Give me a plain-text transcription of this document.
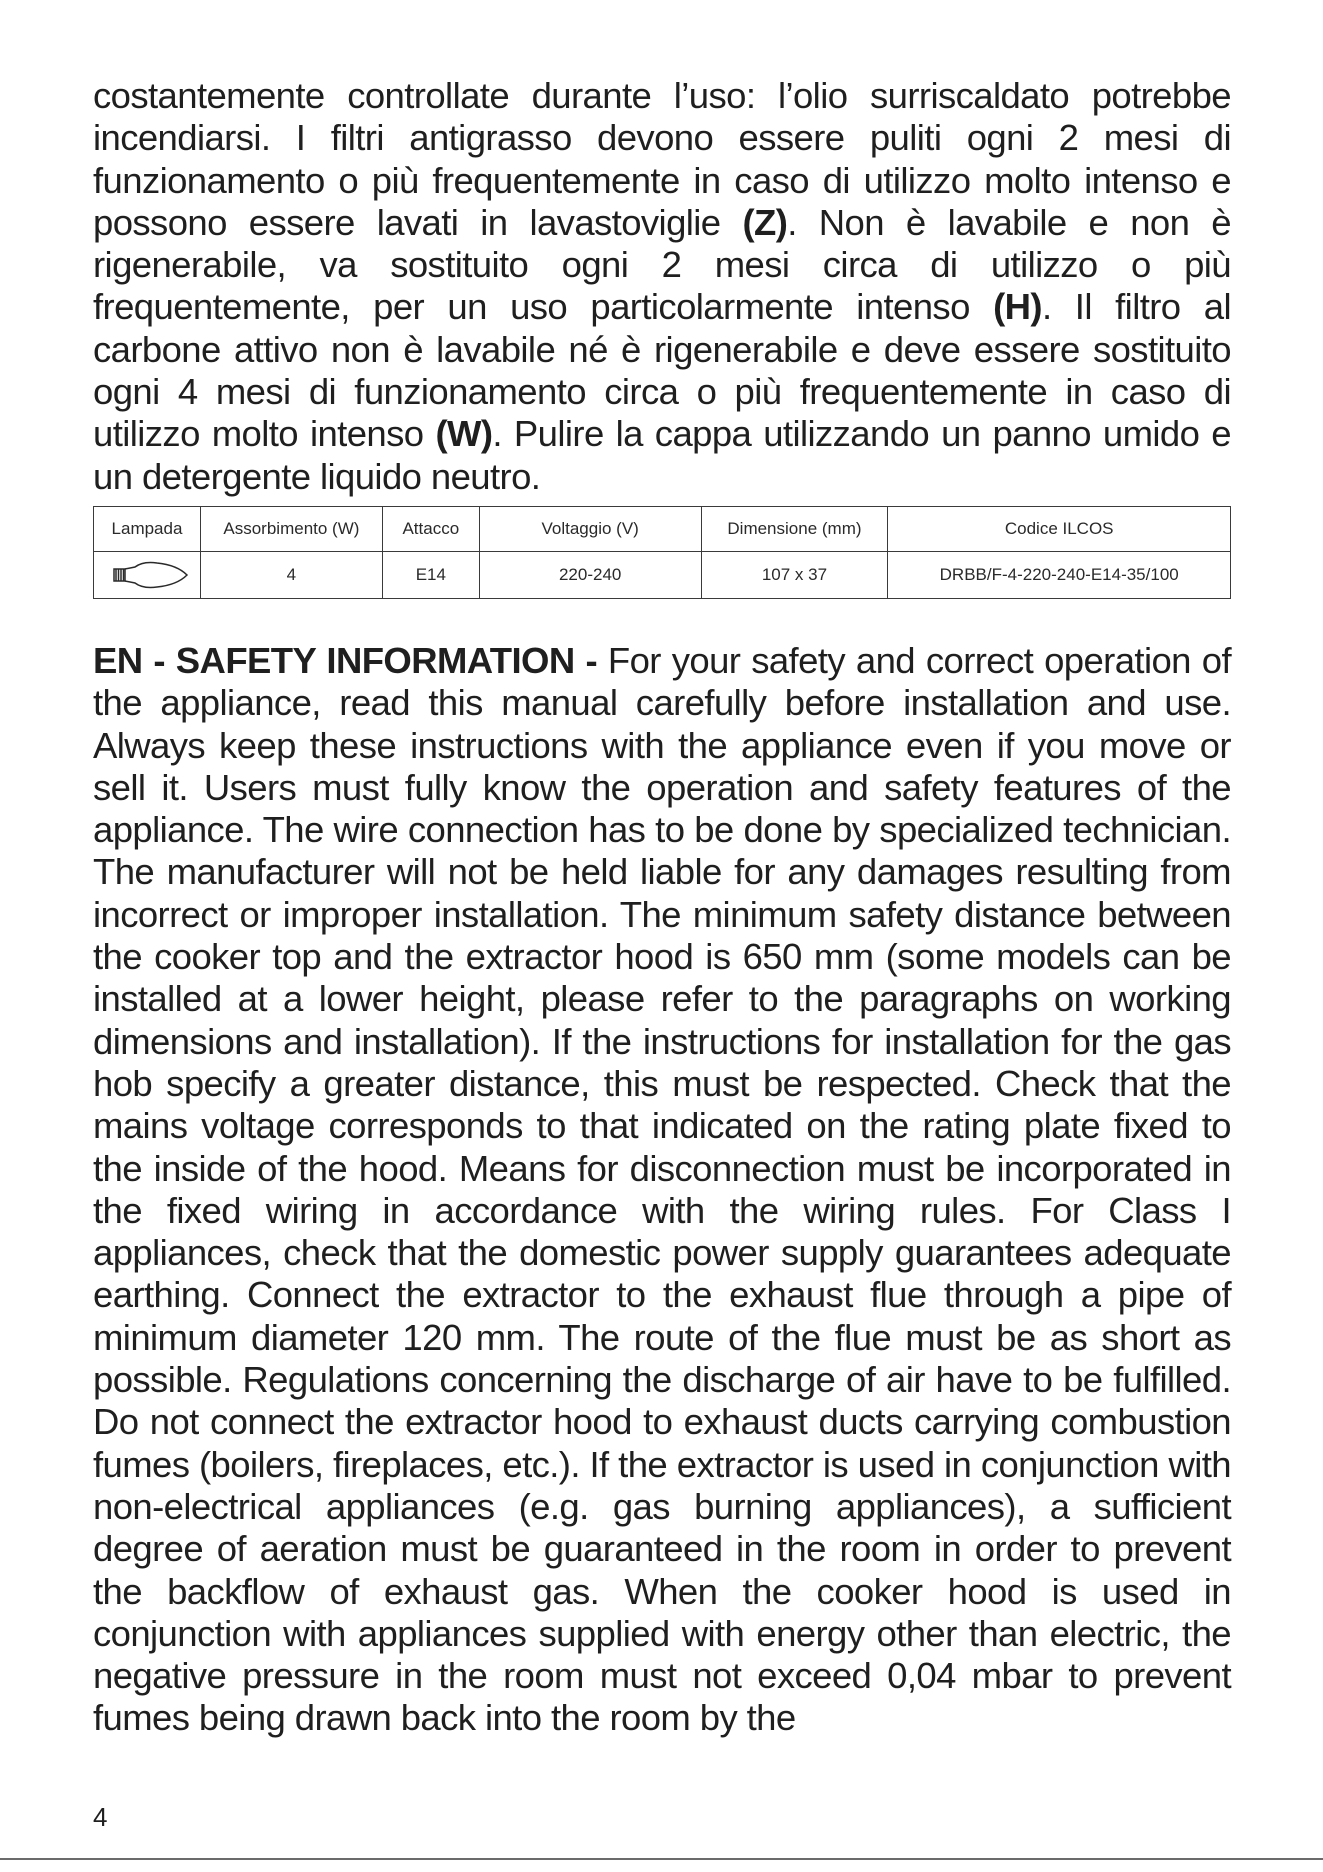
costantemente controllate durante l’uso: l’olio surriscaldato potrebbe incendiarsi. I filtri antigrasso devono essere puliti ogni 2 mesi di funzionamento o più frequentemente in caso di utilizzo molto intenso e possono essere lavati in lavastoviglie (Z). Non è lavabile e non è rigenerabile, va sostituito ogni 2 mesi circa di utilizzo o più frequentemente, per un uso particolarmente intenso (H). Il filtro al carbone attivo non è lavabile né è rigenerabile e deve essere sostituito ogni 4 mesi di funzionamento circa o più frequentemente in caso di utilizzo molto intenso (W). Pulire la cappa utilizzando un panno umido e un detergente liquido neutro.

Lampada	Assorbimento (W)	Attacco	Voltaggio (V)	Dimensione (mm)	Codice ILCOS

	4	E14	220-240	107 x 37	DRBB/F-4-220-240-E14-35/100

EN - SAFETY INFORMATION - For your safety and correct operation of the appliance, read this manual carefully before installation and use. Always keep these instructions with the appliance even if you move or sell it. Users must fully know the operation and safety features of the appliance. The wire connection has to be done by specialized technician. The manufacturer will not be held liable for any damages resulting from incorrect or improper installation. The minimum safety distance between the cooker top and the extractor hood is 650 mm (some models can be installed at a lower height, please refer to the paragraphs on working dimensions and installation). If the instructions for installation for the gas hob specify a greater distance, this must be respected. Check that the mains voltage corresponds to that indicated on the rating plate fixed to the inside of the hood. Means for disconnection must be incorporated in the fixed wiring in accordance with the wiring rules. For Class I appliances, check that the domestic power supply guarantees adequate earthing. Connect the extractor to the exhaust flue through a pipe of minimum diameter 120 mm. The route of the flue must be as short as possible. Regulations concerning the discharge of air have to be fulfilled. Do not connect the extractor hood to exhaust ducts carrying combustion fumes (boilers, fireplaces, etc.). If the extractor is used in conjunction with non-electrical appliances (e.g. gas burning appliances), a sufficient degree of aeration must be guaranteed in the room in order to prevent the backflow of exhaust gas. When the cooker hood is used in conjunction with appliances supplied with energy other than electric, the negative pressure in the room must not exceed 0,04 mbar to prevent fumes being drawn back into the room by the

4
